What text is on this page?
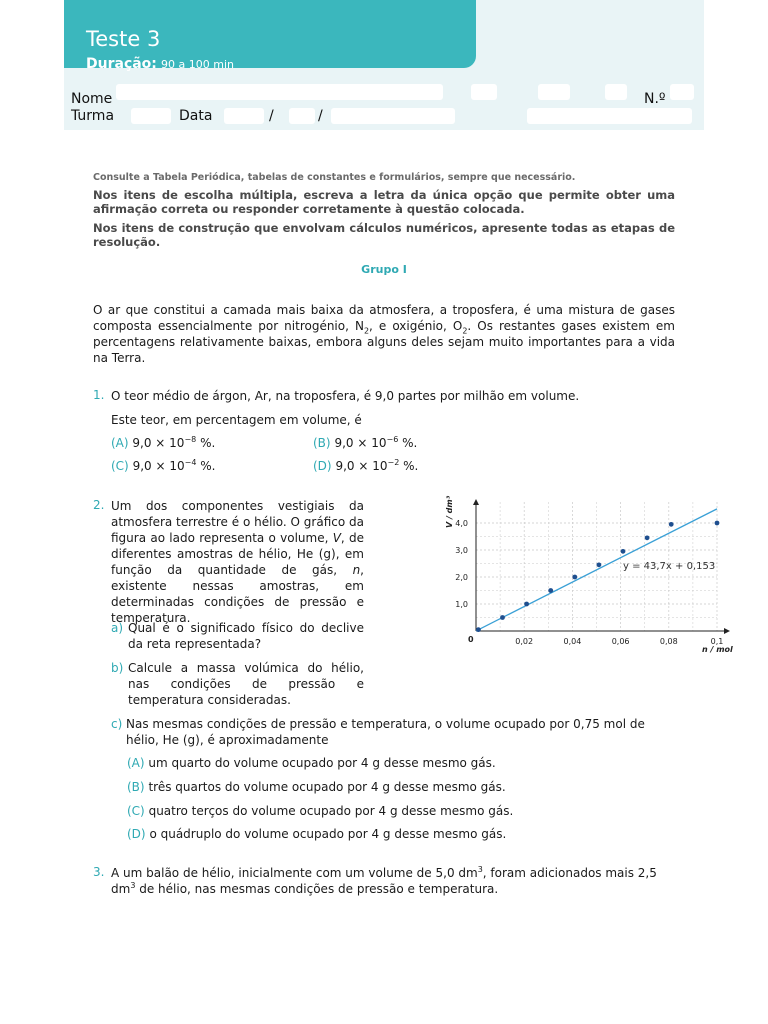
Teste 3
Duração: 90 a 100 min
Nome	N.º
Turma	Data	/	/
Consulte a Tabela Periódica, tabelas de constantes e formulários, sempre que necessário.
Nos itens de escolha múltipla, escreva a letra da única opção que permite obter uma afirmação correta ou responder corretamente à questão colocada.
Nos itens de construção que envolvam cálculos numéricos, apresente todas as etapas de resolução.
Grupo I
O ar que constitui a camada mais baixa da atmosfera, a troposfera, é uma mistura de gases composta essencialmente por nitrogénio, $N_2$, e oxigénio, $O_2$. Os restantes gases existem em percentagens relativamente baixas, embora alguns deles sejam muito importantes para a vida na Terra.
1. O teor médio de árgon, Ar, na troposfera, é 9,0 partes por milhão em volume.
Este teor, em percentagem em volume, é
(A) $9,0 \times 10^{-8}$ %.	(B) $9,0 \times 10^{-6}$ %.
(C) $9,0 \times 10^{-4}$ %.	(D) $9,0 \times 10^{-2}$ %.
2. Um dos componentes vestigiais da atmosfera terrestre é o hélio. O gráfico da figura ao lado representa o volume, V, de diferentes amostras de hélio, He (g), em função da quantidade de gás, n, existente nessas amostras, em determinadas condições de pressão e temperatura.
a) Qual é o significado físico do declive da reta representada?
b) Calcule a massa volúmica do hélio, nas condições de pressão e temperatura consideradas.
c) Nas mesmas condições de pressão e temperatura, o volume ocupado por 0,75 mol de hélio, He (g), é aproximadamente
(A) um quarto do volume ocupado por 4 g desse mesmo gás.
(B) três quartos do volume ocupado por 4 g desse mesmo gás.
(C) quatro terços do volume ocupado por 4 g desse mesmo gás.
(D) o quádruplo do volume ocupado por 4 g desse mesmo gás.
0,02	0,04	0,06	0,08	0,1
1,0
2,0
3,0
4,0
y = 43,7x + 0,153
V / dm³
n / mol
0
3. A um balão de hélio, inicialmente com um volume de 5,0 $dm^3$, foram adicionados mais 2,5 $dm^3$ de hélio, nas mesmas condições de pressão e temperatura.
